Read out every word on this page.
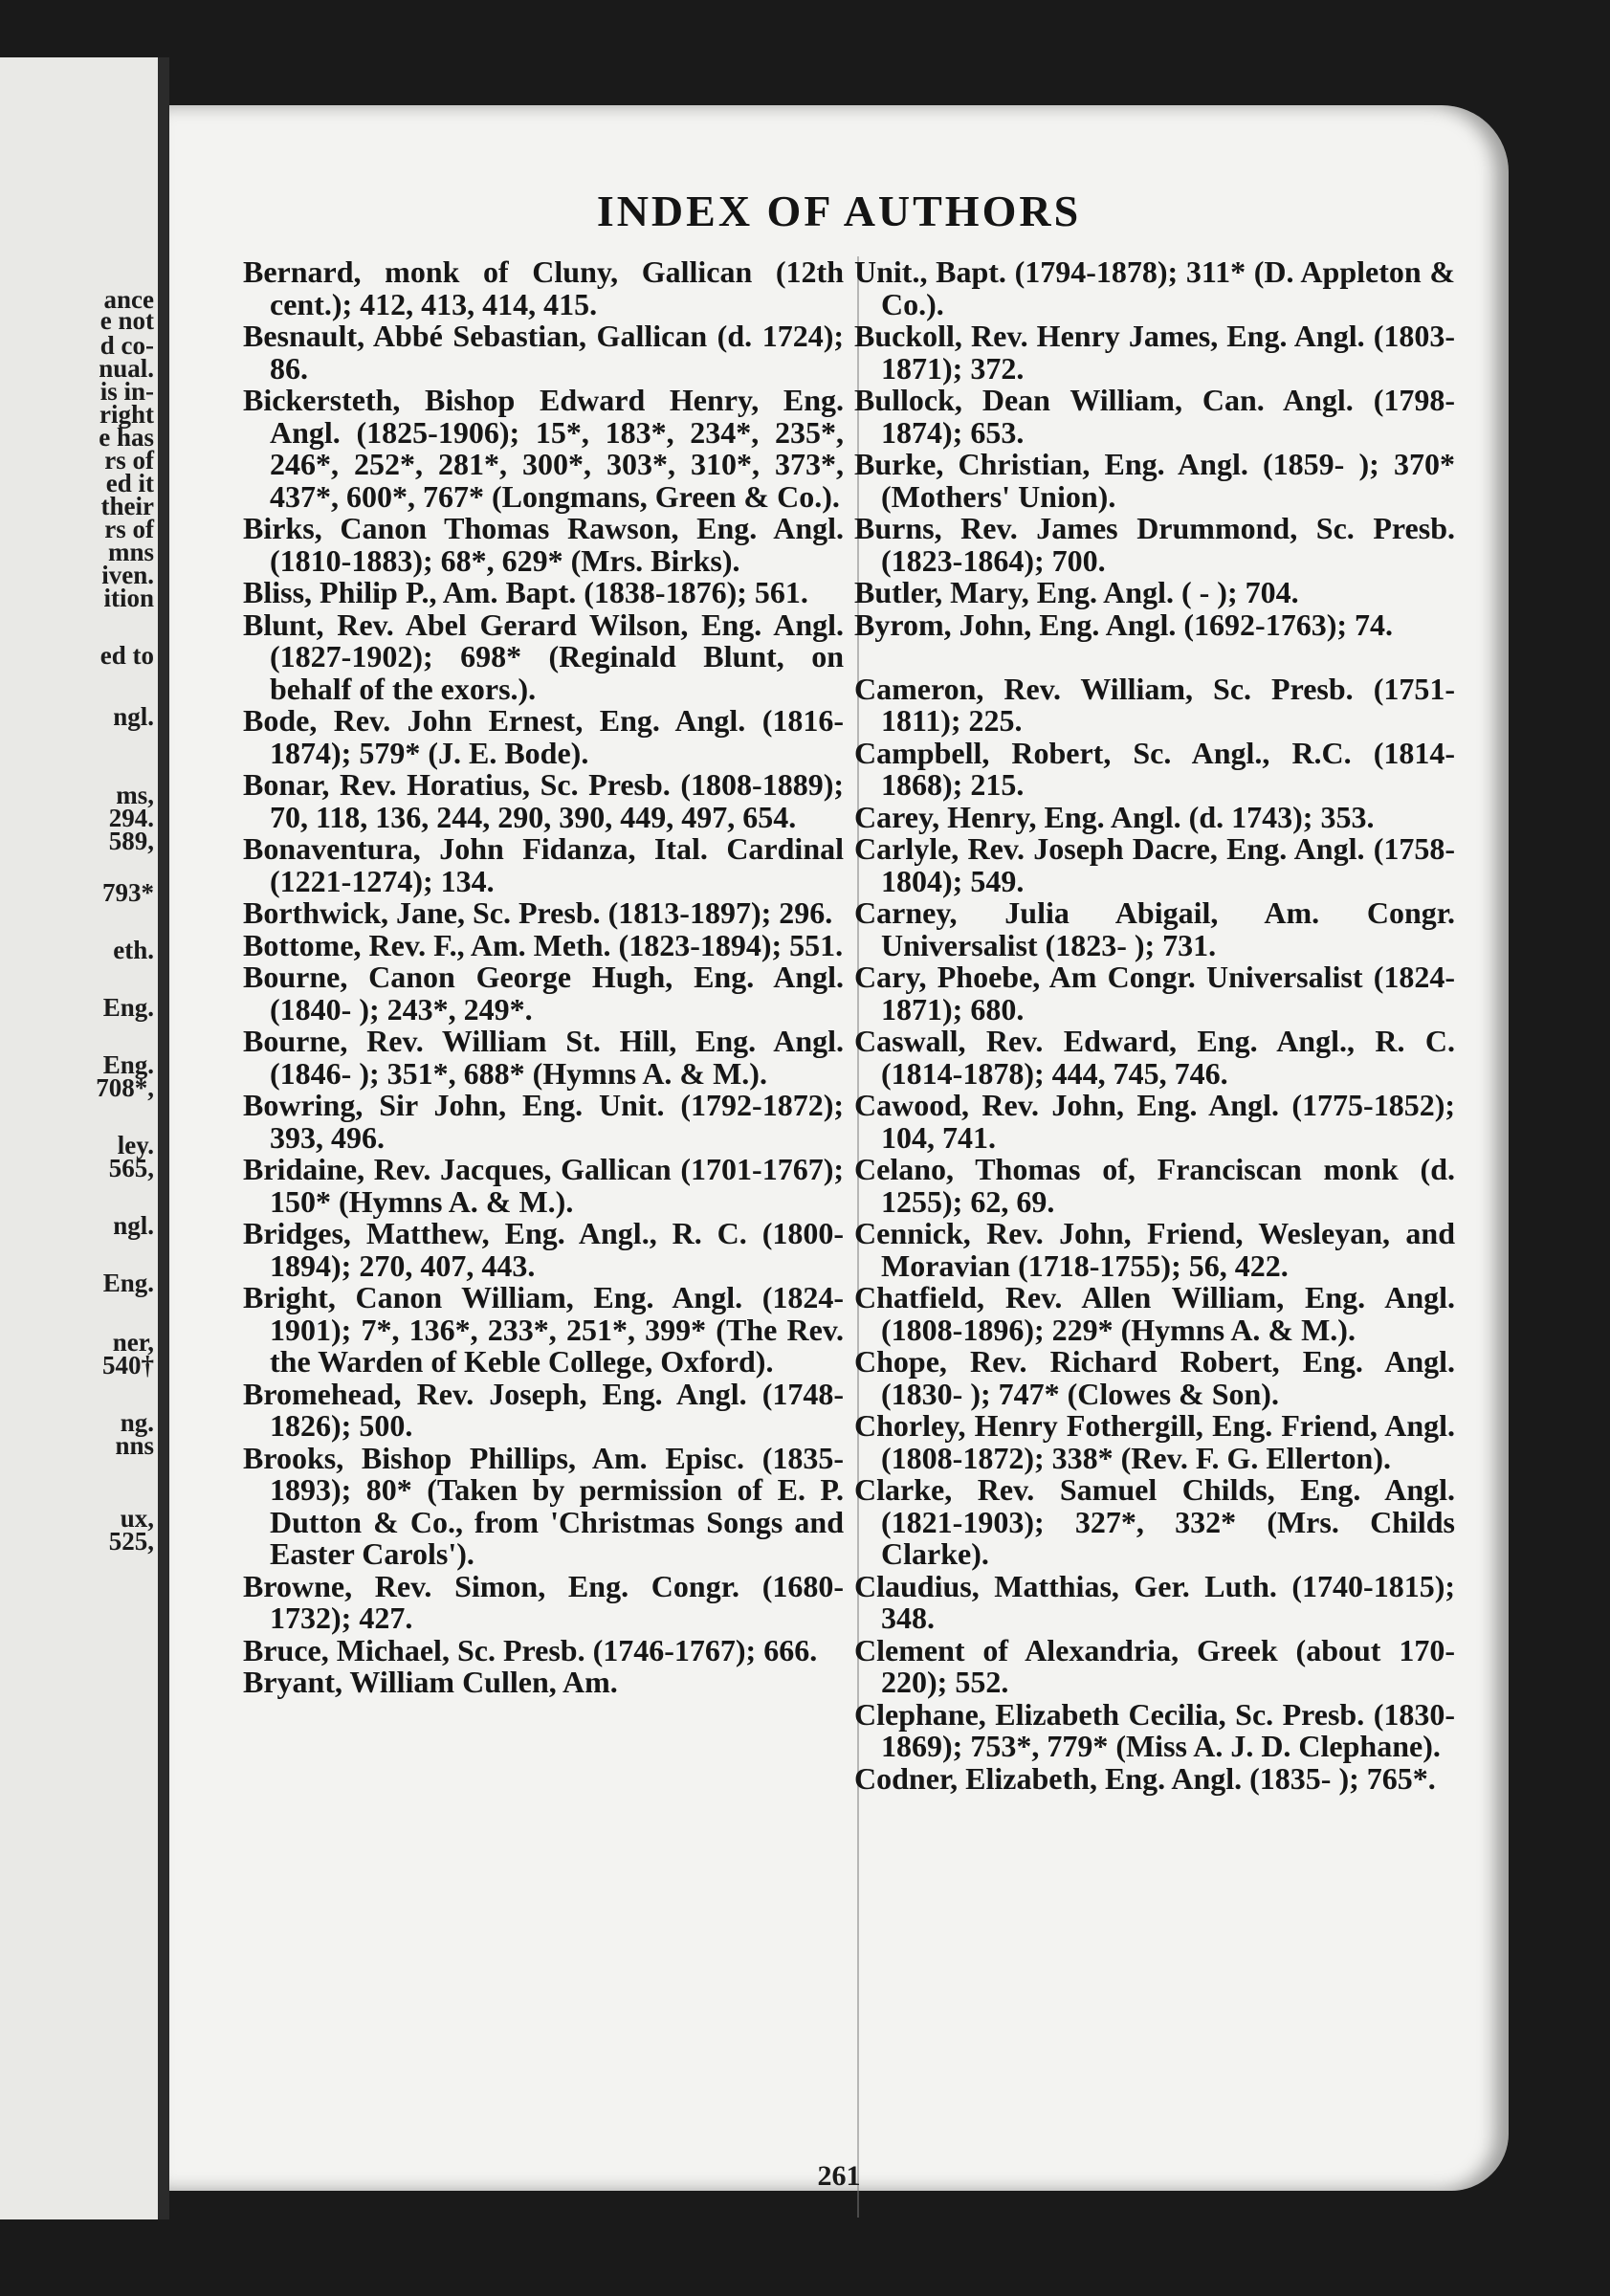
ance
e not
d co-
nual.
is in-
right
e has
rs of
ed it
their
rs of
mns
iven.
ition
ed to
ngl.
ms,
294.
589,
793*
eth.
Eng.
Eng.
708*,
ley.
565,
ngl.
Eng.
ner,
540†
ng.
nns
ux,
525,
INDEX OF AUTHORS
Bernard, monk of Cluny, Gallican (12th cent.); 412, 413, 414, 415.
Besnault, Abbé Sebastian, Gallican (d. 1724); 86.
Bickersteth, Bishop Edward Henry, Eng. Angl. (1825-1906); 15*, 183*, 234*, 235*, 246*, 252*, 281*, 300*, 303*, 310*, 373*, 437*, 600*, 767* (Longmans, Green & Co.).
Birks, Canon Thomas Rawson, Eng. Angl. (1810-1883); 68*, 629* (Mrs. Birks).
Bliss, Philip P., Am. Bapt. (1838-1876); 561.
Blunt, Rev. Abel Gerard Wilson, Eng. Angl. (1827-1902); 698* (Reginald Blunt, on behalf of the exors.).
Bode, Rev. John Ernest, Eng. Angl. (1816-1874); 579* (J. E. Bode).
Bonar, Rev. Horatius, Sc. Presb. (1808-1889); 70, 118, 136, 244, 290, 390, 449, 497, 654.
Bonaventura, John Fidanza, Ital. Cardinal (1221-1274); 134.
Borthwick, Jane, Sc. Presb. (1813-1897); 296.
Bottome, Rev. F., Am. Meth. (1823-1894); 551.
Bourne, Canon George Hugh, Eng. Angl. (1840- ); 243*, 249*.
Bourne, Rev. William St. Hill, Eng. Angl. (1846- ); 351*, 688* (Hymns A. & M.).
Bowring, Sir John, Eng. Unit. (1792-1872); 393, 496.
Bridaine, Rev. Jacques, Gallican (1701-1767); 150* (Hymns A. & M.).
Bridges, Matthew, Eng. Angl., R. C. (1800-1894); 270, 407, 443.
Bright, Canon William, Eng. Angl. (1824-1901); 7*, 136*, 233*, 251*, 399* (The Rev. the Warden of Keble College, Oxford).
Bromehead, Rev. Joseph, Eng. Angl. (1748-1826); 500.
Brooks, Bishop Phillips, Am. Episc. (1835-1893); 80* (Taken by permission of E. P. Dutton & Co., from 'Christmas Songs and Easter Carols').
Browne, Rev. Simon, Eng. Congr. (1680-1732); 427.
Bruce, Michael, Sc. Presb. (1746-1767); 666.
Bryant, William Cullen, Am.
Unit., Bapt. (1794-1878); 311* (D. Appleton & Co.).
Buckoll, Rev. Henry James, Eng. Angl. (1803-1871); 372.
Bullock, Dean William, Can. Angl. (1798-1874); 653.
Burke, Christian, Eng. Angl. (1859- ); 370* (Mothers' Union).
Burns, Rev. James Drummond, Sc. Presb. (1823-1864); 700.
Butler, Mary, Eng. Angl. ( - ); 704.
Byrom, John, Eng. Angl. (1692-1763); 74.
Cameron, Rev. William, Sc. Presb. (1751-1811); 225.
Campbell, Robert, Sc. Angl., R.C. (1814-1868); 215.
Carey, Henry, Eng. Angl. (d. 1743); 353.
Carlyle, Rev. Joseph Dacre, Eng. Angl. (1758-1804); 549.
Carney, Julia Abigail, Am. Congr. Universalist (1823- ); 731.
Cary, Phoebe, Am Congr. Universalist (1824-1871); 680.
Caswall, Rev. Edward, Eng. Angl., R. C. (1814-1878); 444, 745, 746.
Cawood, Rev. John, Eng. Angl. (1775-1852); 104, 741.
Celano, Thomas of, Franciscan monk (d. 1255); 62, 69.
Cennick, Rev. John, Friend, Wesleyan, and Moravian (1718-1755); 56, 422.
Chatfield, Rev. Allen William, Eng. Angl. (1808-1896); 229* (Hymns A. & M.).
Chope, Rev. Richard Robert, Eng. Angl. (1830- ); 747* (Clowes & Son).
Chorley, Henry Fothergill, Eng. Friend, Angl. (1808-1872); 338* (Rev. F. G. Ellerton).
Clarke, Rev. Samuel Childs, Eng. Angl. (1821-1903); 327*, 332* (Mrs. Childs Clarke).
Claudius, Matthias, Ger. Luth. (1740-1815); 348.
Clement of Alexandria, Greek (about 170-220); 552.
Clephane, Elizabeth Cecilia, Sc. Presb. (1830-1869); 753*, 779* (Miss A. J. D. Clephane).
Codner, Elizabeth, Eng. Angl. (1835- ); 765*.
261
